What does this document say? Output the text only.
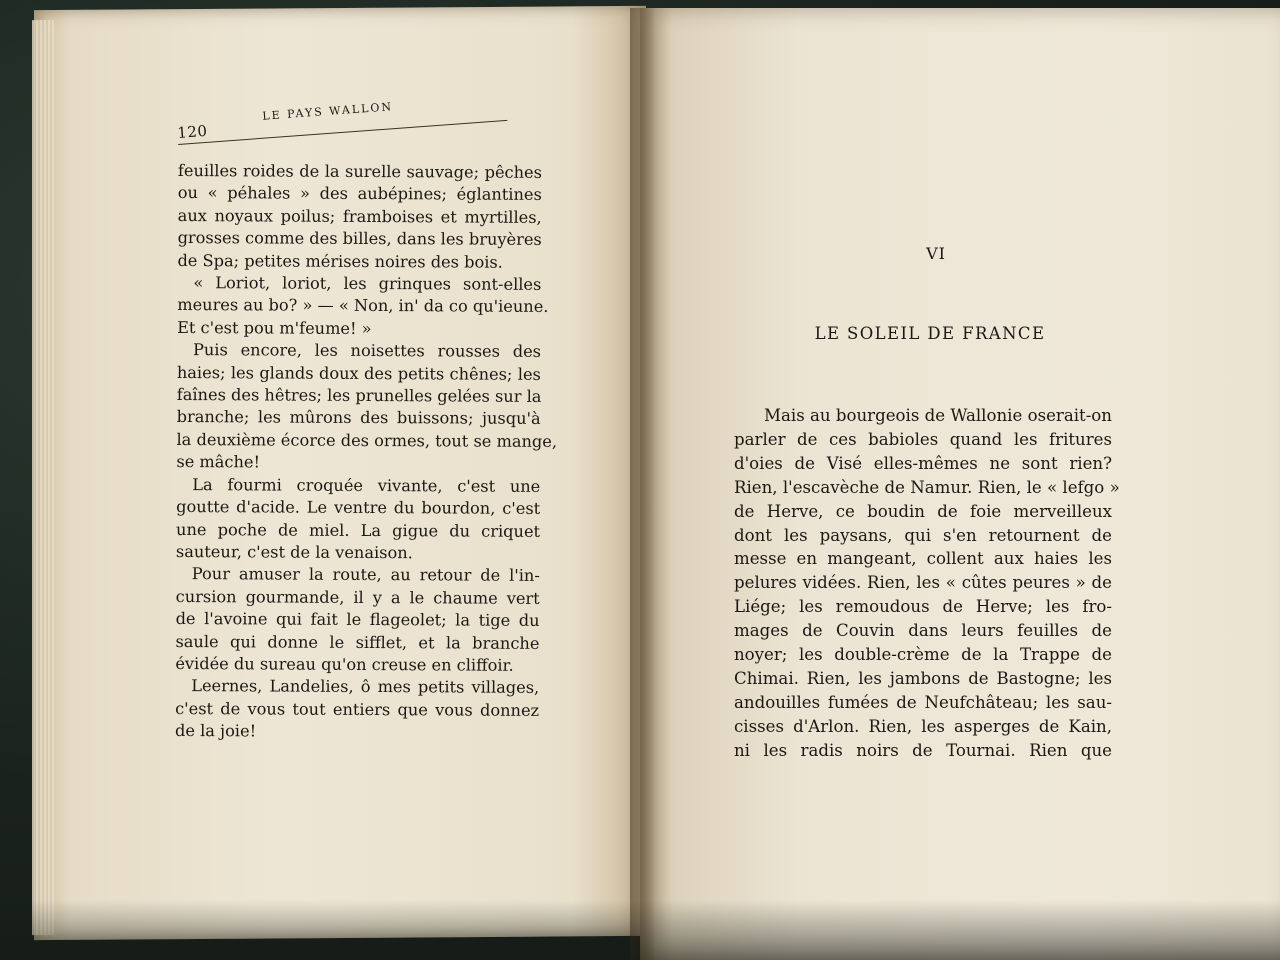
120
LE PAYS WALLON
feuilles roides de la surelle sauvage; pêches
ou « péhales » des aubépines; églantines
aux noyaux poilus; framboises et myrtilles,
grosses comme des billes, dans les bruyères
de Spa; petites mérises noires des bois.
« Loriot, loriot, les grinques sont-elles
meures au bo? » — « Non, in' da co qu'ieune.
Et c'est pou m'feume! »
Puis encore, les noisettes rousses des
haies; les glands doux des petits chênes; les
faînes des hêtres; les prunelles gelées sur la
branche; les mûrons des buissons; jusqu'à
la deuxième écorce des ormes, tout se mange,
se mâche!
La fourmi croquée vivante, c'est une
goutte d'acide. Le ventre du bourdon, c'est
une poche de miel. La gigue du criquet
sauteur, c'est de la venaison.
Pour amuser la route, au retour de l'in-
cursion gourmande, il y a le chaume vert
de l'avoine qui fait le flageolet; la tige du
saule qui donne le sifflet, et la branche
évidée du sureau qu'on creuse en cliffoir.
Leernes, Landelies, ô mes petits villages,
c'est de vous tout entiers que vous donnez
de la joie!
VI
LE SOLEIL DE FRANCE
Mais au bourgeois de Wallonie oserait-on
parler de ces babioles quand les fritures
d'oies de Visé elles-mêmes ne sont rien?
Rien, l'escavèche de Namur. Rien, le « lefgo »
de Herve, ce boudin de foie merveilleux
dont les paysans, qui s'en retournent de
messe en mangeant, collent aux haies les
pelures vidées. Rien, les « cûtes peures » de
Liége; les remoudous de Herve; les fro-
mages de Couvin dans leurs feuilles de
noyer; les double-crème de la Trappe de
Chimai. Rien, les jambons de Bastogne; les
andouilles fumées de Neufchâteau; les sau-
cisses d'Arlon. Rien, les asperges de Kain,
ni les radis noirs de Tournai. Rien que
